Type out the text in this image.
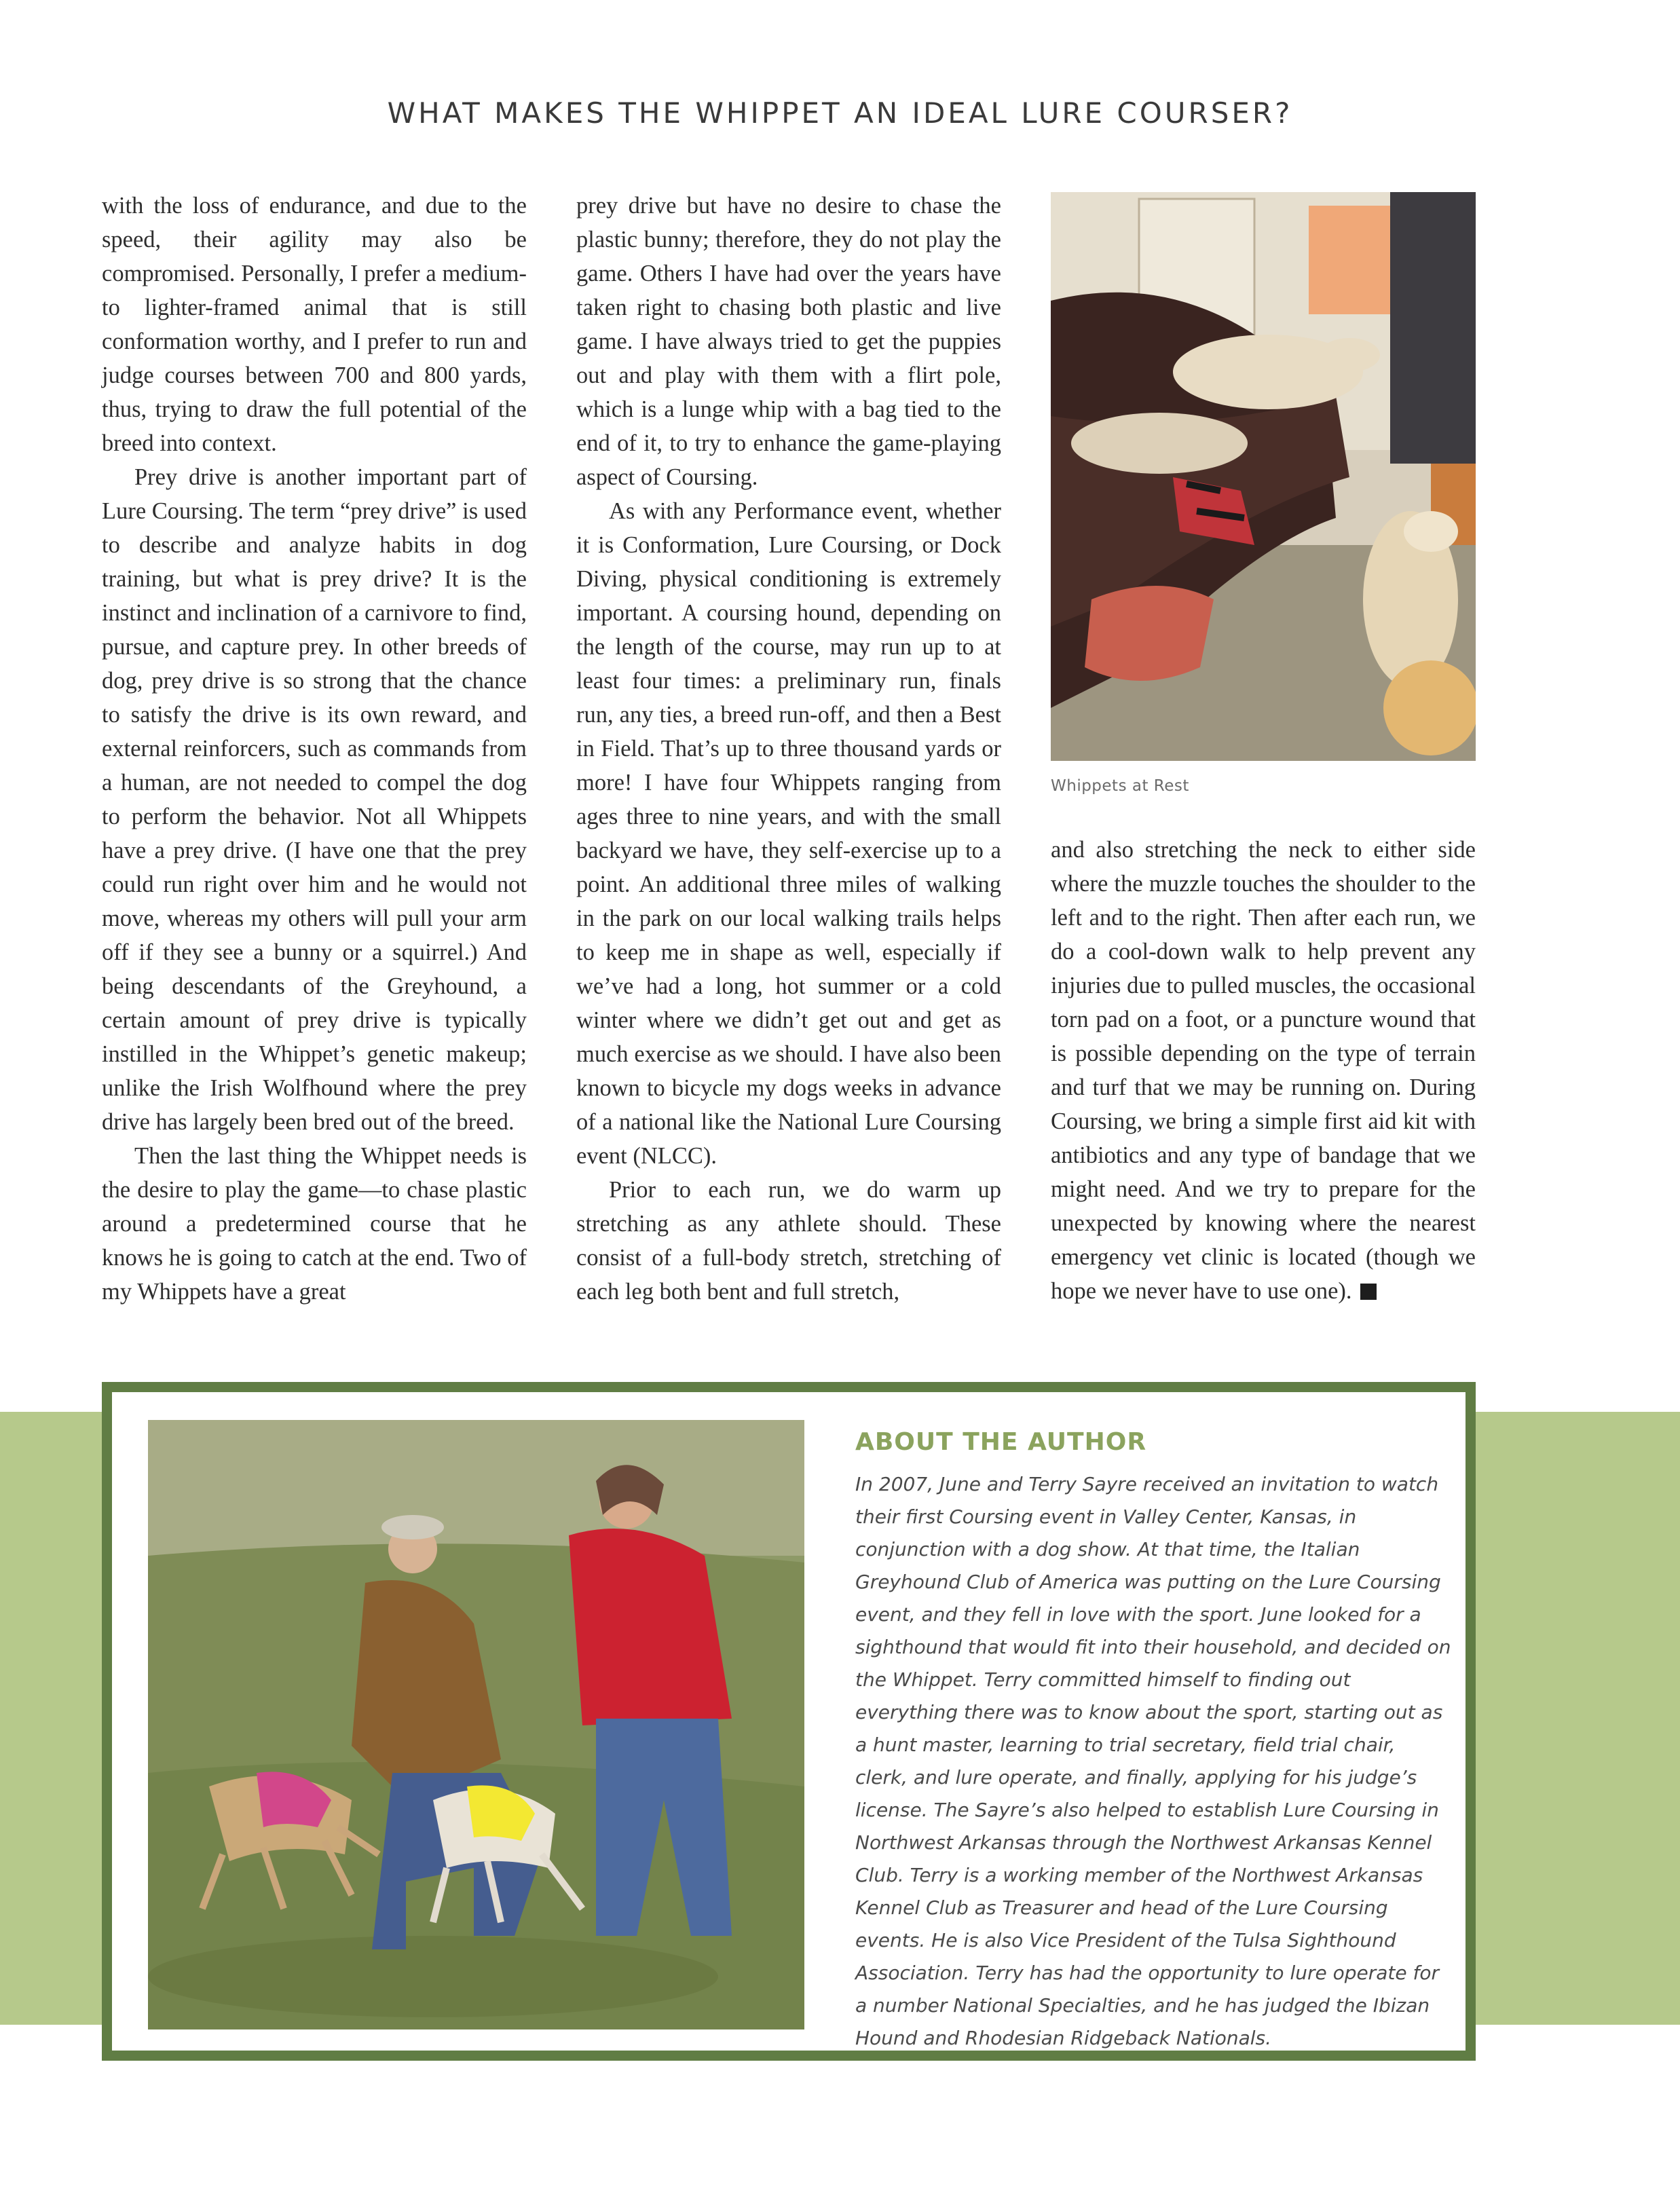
WHAT MAKES THE WHIPPET AN IDEAL LURE COURSER?

with the loss of endurance, and due to the speed, their agility may also be compromised. Personally, I prefer a medium- to lighter-framed animal that is still conformation worthy, and I prefer to run and judge courses between 700 and 800 yards, thus, trying to draw the full potential of the breed into context.

Prey drive is another important part of Lure Coursing. The term “prey drive” is used to describe and analyze habits in dog training, but what is prey drive? It is the instinct and inclination of a carnivore to find, pursue, and capture prey. In other breeds of dog, prey drive is so strong that the chance to satisfy the drive is its own reward, and external reinforcers, such as commands from a human, are not needed to compel the dog to perform the behavior. Not all Whippets have a prey drive. (I have one that the prey could run right over him and he would not move, whereas my others will pull your arm off if they see a bunny or a squirrel.) And being descendants of the Greyhound, a certain amount of prey drive is typically instilled in the Whippet’s genetic makeup; unlike the Irish Wolfhound where the prey drive has largely been bred out of the breed.

Then the last thing the Whippet needs is the desire to play the game—to chase plastic around a predetermined course that he knows he is going to catch at the end. Two of my Whippets have a great

prey drive but have no desire to chase the plastic bunny; therefore, they do not play the game. Others I have had over the years have taken right to chasing both plastic and live game. I have always tried to get the puppies out and play with them with a flirt pole, which is a lunge whip with a bag tied to the end of it, to try to enhance the game-playing aspect of Coursing.

As with any Performance event, whether it is Conformation, Lure Coursing, or Dock Diving, physical conditioning is extremely important. A coursing hound, depending on the length of the course, may run up to at least four times: a preliminary run, finals run, any ties, a breed run-off, and then a Best in Field. That’s up to three thousand yards or more! I have four Whippets ranging from ages three to nine years, and with the small backyard we have, they self-exercise up to a point. An additional three miles of walking in the park on our local walking trails helps to keep me in shape as well, especially if we’ve had a long, hot summer or a cold winter where we didn’t get out and get as much exercise as we should. I have also been known to bicycle my dogs weeks in advance of a national like the National Lure Coursing event (NLCC).

Prior to each run, we do warm up stretching as any athlete should. These consist of a full-body stretch, stretching of each leg both bent and full stretch,

Whippets at Rest

and also stretching the neck to either side where the muzzle touches the shoulder to the left and to the right. Then after each run, we do a cool-down walk to help prevent any injuries due to pulled muscles, the occasional torn pad on a foot, or a puncture wound that is possible depending on the type of terrain and turf that we may be running on. During Coursing, we bring a simple first aid kit with antibiotics and any type of bandage that we might need. And we try to prepare for the unexpected by knowing where the nearest emergency vet clinic is located (though we hope we never have to use one).

ABOUT THE AUTHOR

In 2007, June and Terry Sayre received an invitation to watch their first Coursing event in Valley Center, Kansas, in conjunction with a dog show. At that time, the Italian Greyhound Club of America was putting on the Lure Coursing event, and they fell in love with the sport. June looked for a sighthound that would fit into their household, and decided on the Whippet. Terry committed himself to finding out everything there was to know about the sport, starting out as a hunt master, learning to trial secretary, field trial chair, clerk, and lure operate, and finally, applying for his judge’s license. The Sayre’s also helped to establish Lure Coursing in Northwest Arkansas through the Northwest Arkansas Kennel Club. Terry is a working member of the Northwest Arkansas Kennel Club as Treasurer and head of the Lure Coursing events. He is also Vice President of the Tulsa Sighthound Association. Terry has had the opportunity to lure operate for a number National Specialties, and he has judged the Ibizan Hound and Rhodesian Ridgeback Nationals.
